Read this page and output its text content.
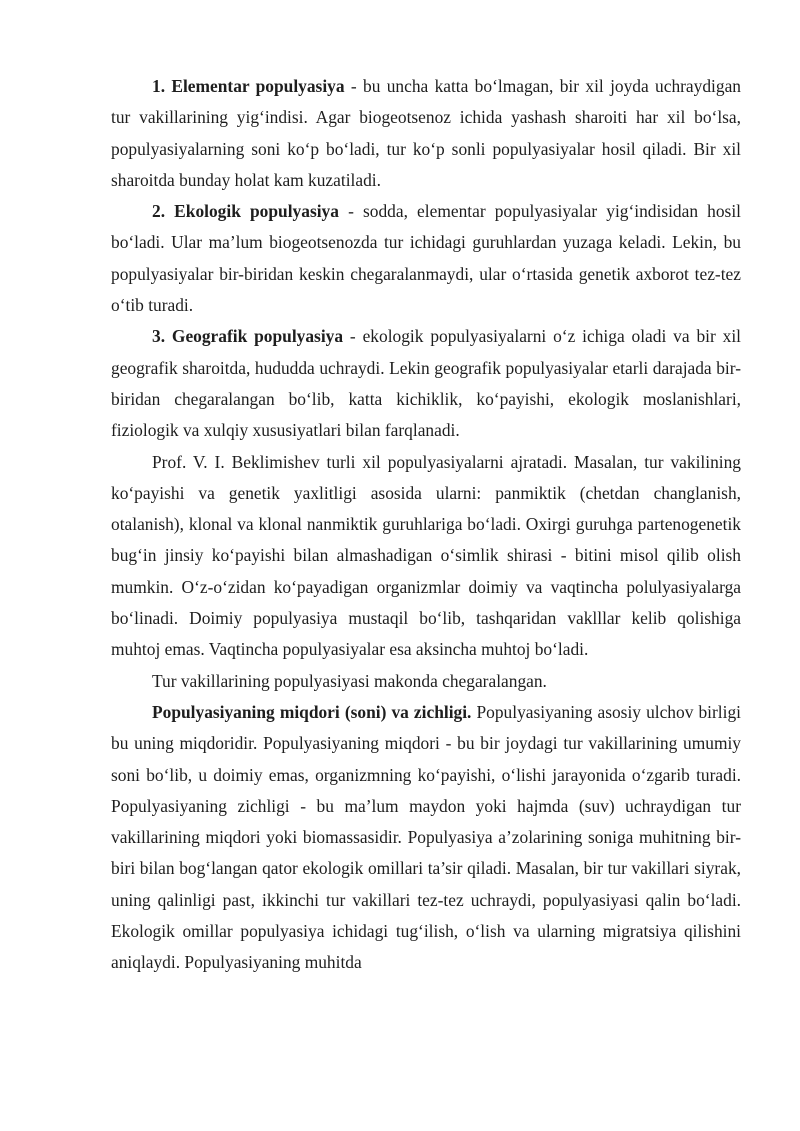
1. Elementar populyasiya - bu uncha katta bo‘lmagan, bir xil joyda uchraydigan tur vakillarining yig‘indisi. Agar biogeotsenoz ichida yashash sharoiti har xil bo‘lsa, populyasiyalarning soni ko‘p bo‘ladi, tur ko‘p sonli populyasiyalar hosil qiladi. Bir xil sharoitda bunday holat kam kuzatiladi.

2. Ekologik populyasiya - sodda, elementar populyasiyalar yig‘indisidan hosil bo‘ladi. Ular ma’lum biogeotsenozda tur ichidagi guruhlardan yuzaga keladi. Lekin, bu populyasiyalar bir-biridan keskin chegaralanmaydi, ular o‘rtasida genetik axborot tez-tez o‘tib turadi.

3. Geografik populyasiya - ekologik populyasiyalarni o‘z ichiga oladi va bir xil geografik sharoitda, hududda uchraydi. Lekin geografik populyasiyalar etarli darajada bir-biridan chegaralangan bo‘lib, katta kichiklik, ko‘payishi, ekologik moslanishlari, fiziologik va xulqiy xususiyatlari bilan farqlanadi.

Prof. V. I. Beklimishev turli xil populyasiyalarni ajratadi. Masalan, tur vakilining ko‘payishi va genetik yaxlitligi asosida ularni: panmiktik (chetdan changlanish, otalanish), klonal va klonal nanmiktik guruhlariga bo‘ladi. Oxirgi guruhga partenogenetik bug‘in jinsiy ko‘payishi bilan almashadigan o‘simlik shirasi - bitini misol qilib olish mumkin. O‘z-o‘zidan ko‘payadigan organizmlar doimiy va vaqtincha polulyasiyalarga bo‘linadi. Doimiy populyasiya mustaqil bo‘lib, tashqaridan vaklllar kelib qolishiga muhtoj emas. Vaqtincha populyasiyalar esa aksincha muhtoj bo‘ladi.

Tur vakillarining populyasiyasi makonda chegaralangan.

Populyasiyaning miqdori (soni) va zichligi. Populyasiyaning asosiy ulchov birligi bu uning miqdoridir. Populyasiyaning miqdori - bu bir joydagi tur vakillarining umumiy soni bo‘lib, u doimiy emas, organizmning ko‘payishi, o‘lishi jarayonida o‘zgarib turadi. Populyasiyaning zichligi - bu ma’lum maydon yoki hajmda (suv) uchraydigan tur vakillarining miqdori yoki biomassasidir. Populyasiya a’zolarining soniga muhitning bir-biri bilan bog‘langan qator ekologik omillari ta’sir qiladi. Masalan, bir tur vakillari siyrak, uning qalinligi past, ikkinchi tur vakillari tez-tez uchraydi, populyasiyasi qalin bo‘ladi. Ekologik omillar populyasiya ichidagi tug‘ilish, o‘lish va ularning migratsiya qilishini aniqlaydi. Populyasiyaning muhitda
